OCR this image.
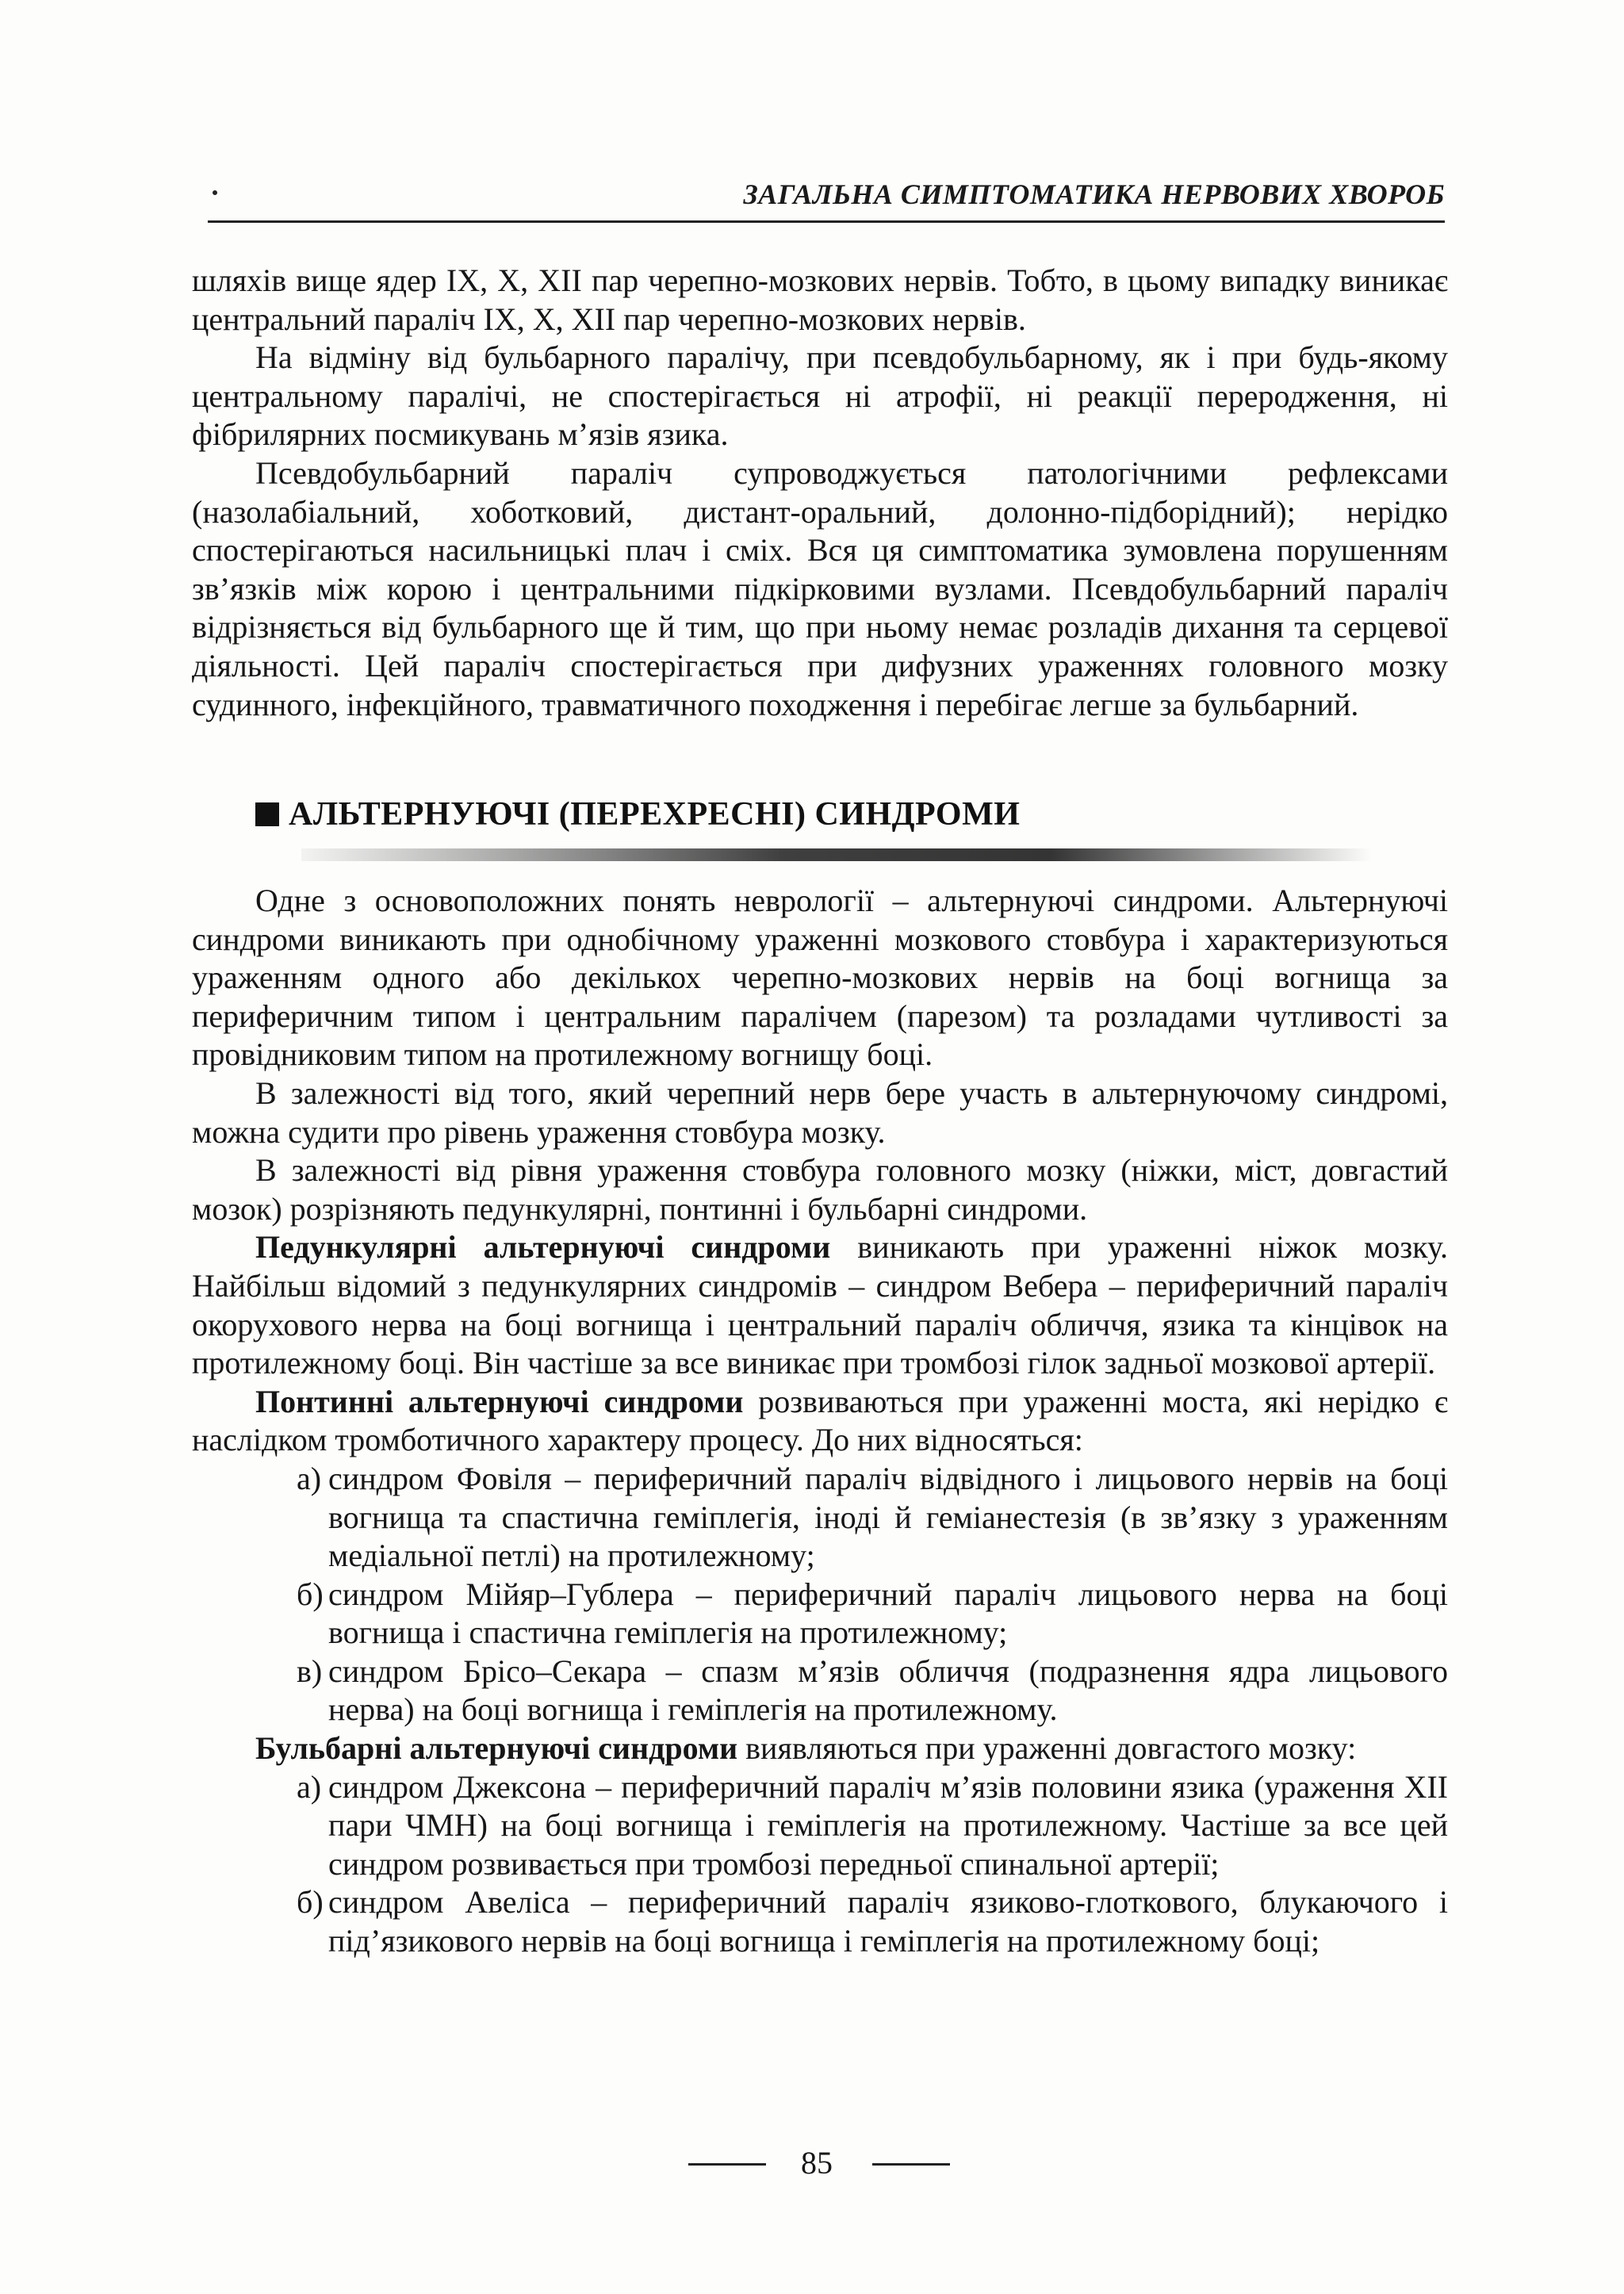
ЗАГАЛЬНА СИМПТОМАТИКА НЕРВОВИХ ХВОРОБ

шляхів вище ядер IX, X, XII пар черепно-мозкових нервів. Тобто, в цьому випадку виникає центральний параліч IX, X, XII пар черепно-мозкових нервів.

На відміну від бульбарного паралічу, при псевдобульбарному, як і при будь-якому центральному паралічі, не спостерігається ні атрофії, ні реакції переродження, ні фібрилярних посмикувань м’язів язика.

Псевдобульбарний параліч супроводжується патологічними рефлексами (назолабіальний, хоботковий, дистант-оральний, долонно-підборідний); нерідко спостерігаються насильницькі плач і сміх. Вся ця симптоматика зумовлена порушенням зв’язків між корою і центральними підкірковими вузлами. Псевдобульбарний параліч відрізняється від бульбарного ще й тим, що при ньому немає розладів дихання та серцевої діяльності. Цей параліч спостерігається при дифузних ураженнях головного мозку судинного, інфекційного, травматичного походження і перебігає легше за бульбарний.

АЛЬТЕРНУЮЧІ (ПЕРЕХРЕСНІ) СИНДРОМИ

Одне з основоположних понять неврології – альтернуючі синдроми. Альтернуючі синдроми виникають при однобічному ураженні мозкового стовбура і характеризуються ураженням одного або декількох черепно-мозкових нервів на боці вогнища за периферичним типом і центральним паралічем (парезом) та розладами чутливості за провідниковим типом на протилежному вогнищу боці.

В залежності від того, який черепний нерв бере участь в альтернуючому синдромі, можна судити про рівень ураження стовбура мозку.

В залежності від рівня ураження стовбура головного мозку (ніжки, міст, довгастий мозок) розрізняють педункулярні, понтинні і бульбарні синдроми.

Педункулярні альтернуючі синдроми виникають при ураженні ніжок мозку. Найбільш відомий з педункулярних синдромів – синдром Вебера – периферичний параліч окорухового нерва на боці вогнища і центральний параліч обличчя, язика та кінцівок на протилежному боці. Він частіше за все виникає при тромбозі гілок задньої мозкової артерії.

Понтинні альтернуючі синдроми розвиваються при ураженні моста, які нерідко є наслідком тромботичного характеру процесу. До них відносяться:

а) синдром Фовіля – периферичний параліч відвідного і лицьового нервів на боці вогнища та спастична геміплегія, іноді й геміанестезія (в зв’язку з ураженням медіальної петлі) на протилежному;

б) синдром Мійяр–Гублера – периферичний параліч лицьового нерва на боці вогнища і спастична геміплегія на протилежному;

в) синдром Брісо–Секара – спазм м’язів обличчя (подразнення ядра лицьового нерва) на боці вогнища і геміплегія на протилежному.

Бульбарні альтернуючі синдроми виявляються при ураженні довгастого мозку:

а) синдром Джексона – периферичний параліч м’язів половини язика (ураження XII пари ЧМН) на боці вогнища і геміплегія на протилежному. Частіше за все цей синдром розвивається при тромбозі передньої спинальної артерії;

б) синдром Авеліса – периферичний параліч язиково-глоткового, блукаючого і під’язикового нервів на боці вогнища і геміплегія на протилежному боці;

85
